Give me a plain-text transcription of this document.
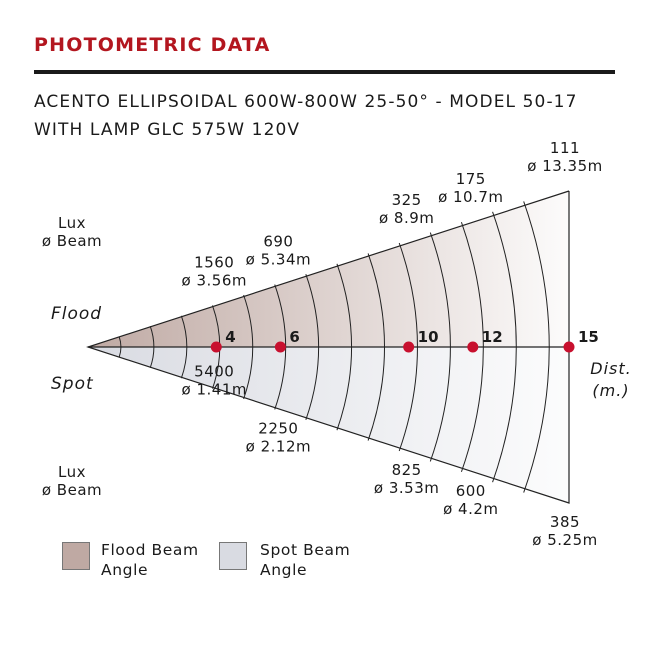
PHOTOMETRIC DATA
ACENTO ELLIPSOIDAL 600W-800W 25-50° - MODEL 50-17
WITH LAMP GLC 575W 120V
4	6	10	12	15
Flood
Spot
Lux
ø Beam
Lux
ø Beam
Dist.
(m.)
1560
ø 3.56m
690
ø 5.34m
325
ø 8.9m
175
ø 10.7m
111
ø 13.35m
5400
ø 1.41m
2250
ø 2.12m
825
ø 3.53m 600
ø 4.2m
385
ø 5.25m
Flood Beam
Angle
Spot Beam
Angle
